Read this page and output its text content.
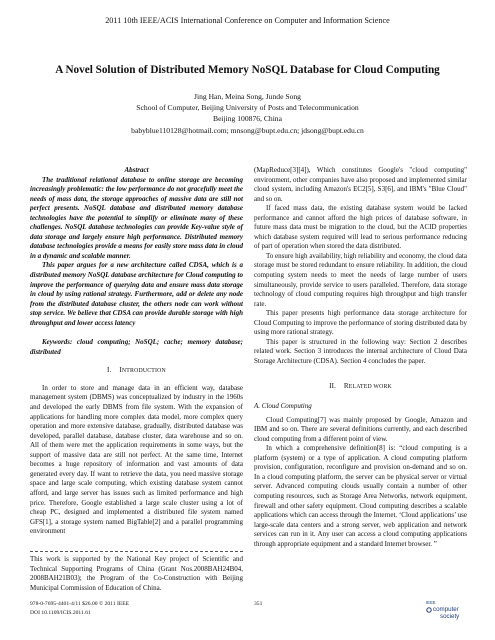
2011 10th IEEE/ACIS International Conference on Computer and Information Science
A Novel Solution of Distributed Memory NoSQL Database for Cloud Computing
Jing Han, Meina Song, Junde Song
School of Computer, Beijing University of Posts and Telecommunication
Beijing 100876, China
babyblue110128@hotmail.com; mnsong@bupt.edu.cn; jdsong@bupt.edu.cn

Abstract

The traditional relational database to online storage are becoming increasingly problematic: the low performance do not gracefully meet the needs of mass data, the storage approaches of massive data are still not perfect presents. NoSQL database and distributed memory database technologies have the potential to simplify or eliminate many of these challenges. NoSQL database technologies can provide Key-value style of data storage and largely ensure high performance. Distributed memory database technologies provide a means for easily store mass data in cloud in a dynamic and scalable manner.

This paper argues for a new architecture called CDSA, which is a distributed memory NoSQL database architecture for Cloud computing to improve the performance of querying data and ensure mass data storage in cloud by using rational strategy. Furthermore, add or delete any node from the distributed database cluster, the others node can work without stop service. We believe that CDSA can provide durable storage with high throughput and lower access latency

Keywords: cloud computing; NoSQL; cache; memory database; distributed

I. INTRODUCTION

In order to store and manage data in an efficient way, database management system (DBMS) was conceptualized by industry in the 1960s and developed the early DBMS from file system. With the expansion of applications for handling more complex data model, more complex query operation and more extensive database, gradually, distributed database was developed, parallel database, database cluster, data warehouse and so on. All of them were met the application requirements in some ways, but the support of massive data are still not perfect. At the same time, Internet becomes a huge repository of information and vast amounts of data generated every day. If want to retrieve the data, you need massive storage space and large scale computing, which existing database system cannot afford, and large server has issues such as limited performance and high price. Therefore, Google established a large scale cluster using a lot of cheap PC, designed and implemented a distributed file system named GFS[1], a storage system named BigTable[2] and a parallel programming environment

This work is supported by the National Key project of Scientific and Technical Supporting Programs of China (Grant Nos.2008BAH24B04, 2008BAH21B03); the Program of the Co-Construction with Beijing Municipal Commission of Education of China.

(MapReduce[3][4]), Which constitutes Google's "cloud computing" environment, other companies have also proposed and implemented similar cloud system, including Amazon's EC2[5], S3[6], and IBM's "Blue Cloud" and so on.

If faced mass data, the existing database system would be lacked performance and cannot afford the high prices of database software, in future mass data must be migration to the cloud, but the ACID properties which database system required will lead to serious performance reducing of part of operation when stored the data distributed.

To ensure high availability, high reliability and economy, the cloud data storage must be stored redundant to ensure reliability. In addition, the cloud computing system needs to meet the needs of large number of users simultaneously, provide service to users paralleled. Therefore, data storage technology of cloud computing requires high throughput and high transfer rate.

This paper presents high performance data storage architecture for Cloud Computing to improve the performance of storing distributed data by using more rational strategy.

This paper is structured in the following way: Section 2 describes related work. Section 3 introduces the internal architecture of Cloud Data Storage Architecture (CDSA). Section 4 concludes the paper.

II. RELATED WORK

A. Cloud Computing

Cloud Computing[7] was mainly proposed by Google, Amazon and IBM and so on. There are several definitions currently, and each described cloud computing from a different point of view.

In which a comprehensive definition[8] is: “cloud computing is a platform (system) or a type of application. A cloud computing platform provision, configuration, reconfigure and provision on-demand and so on. In a cloud computing platform, the server can be physical server or virtual server. Advanced computing clouds usually contain a number of other computing resources, such as Storage Area Networks, network equipment, firewall and other safety equipment. Cloud computing describes a scalable applications which can access through the Internet. ‘Cloud applications’ use large-scale data centers and a strong server, web application and network services can run in it. Any user can access a cloud computing applications through appropriate equipment and a standard Internet browser. ”

978-0-7695-4401-4/11 $26.00 © 2011 IEEE
DOI 10.1109/ICIS.2011.61
351	IEEE
computer
society
